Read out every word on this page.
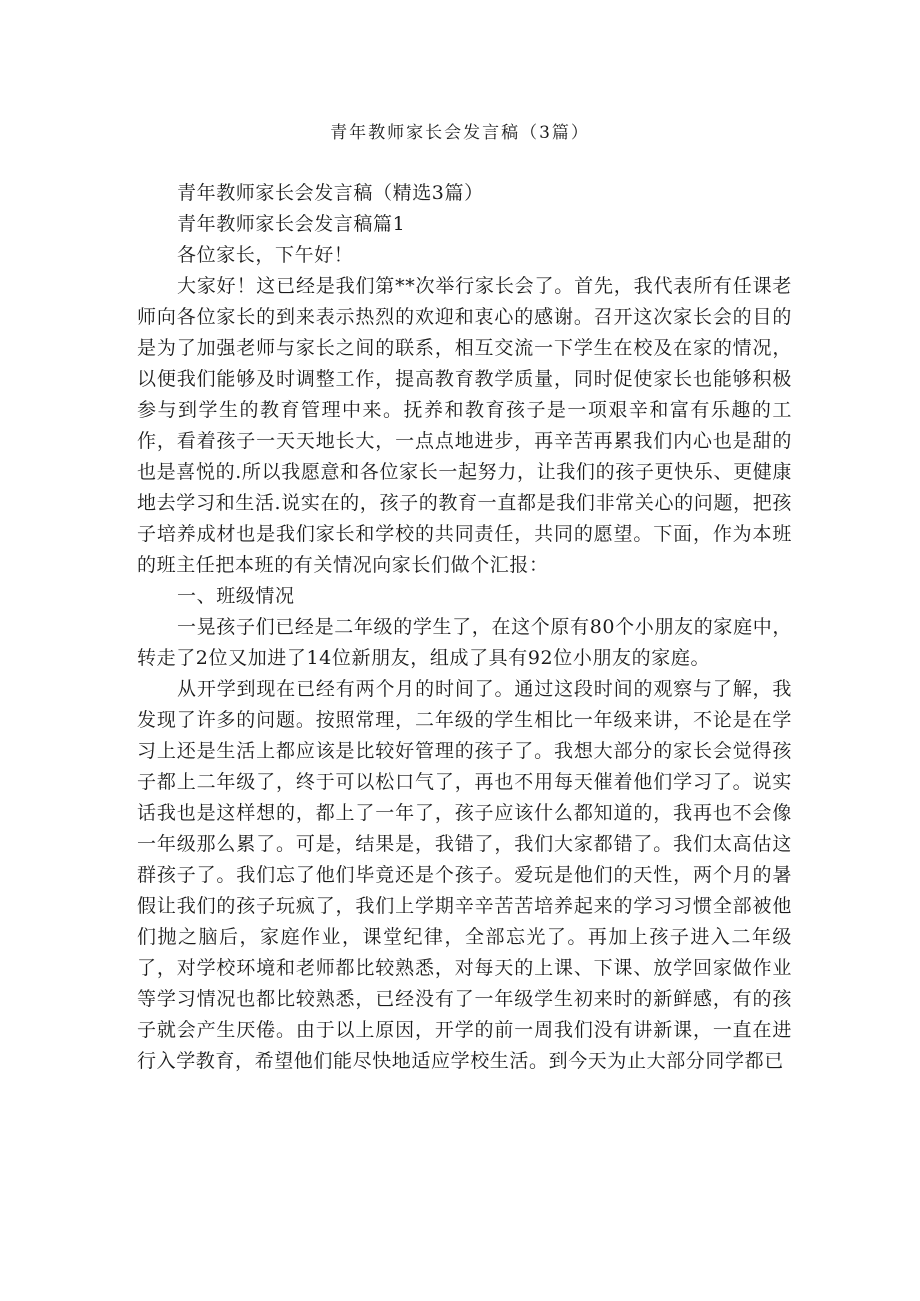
青年教师家长会发言稿（3篇）

青年教师家长会发言稿（精选3篇）

青年教师家长会发言稿篇1

各位家长，下午好！

大家好！这已经是我们第**次举行家长会了。首先，我代表所有任课老师向各位家长的到来表示热烈的欢迎和衷心的感谢。召开这次家长会的目的是为了加强老师与家长之间的联系，相互交流一下学生在校及在家的情况，以便我们能够及时调整工作，提高教育教学质量，同时促使家长也能够积极参与到学生的教育管理中来。抚养和教育孩子是一项艰辛和富有乐趣的工作，看着孩子一天天地长大，一点点地进步，再辛苦再累我们内心也是甜的也是喜悦的.所以我愿意和各位家长一起努力，让我们的孩子更快乐、更健康地去学习和生活.说实在的，孩子的教育一直都是我们非常关心的问题，把孩子培养成材也是我们家长和学校的共同责任，共同的愿望。下面，作为本班的班主任把本班的有关情况向家长们做个汇报：

一、班级情况

一晃孩子们已经是二年级的学生了，在这个原有80个小朋友的家庭中，转走了2位又加进了14位新朋友，组成了具有92位小朋友的家庭。

从开学到现在已经有两个月的时间了。通过这段时间的观察与了解，我发现了许多的问题。按照常理，二年级的学生相比一年级来讲，不论是在学习上还是生活上都应该是比较好管理的孩子了。我想大部分的家长会觉得孩子都上二年级了，终于可以松口气了，再也不用每天催着他们学习了。说实话我也是这样想的，都上了一年了，孩子应该什么都知道的，我再也不会像一年级那么累了。可是，结果是，我错了，我们大家都错了。我们太高估这群孩子了。我们忘了他们毕竟还是个孩子。爱玩是他们的天性，两个月的暑假让我们的孩子玩疯了，我们上学期辛辛苦苦培养起来的学习习惯全部被他们抛之脑后，家庭作业，课堂纪律，全部忘光了。再加上孩子进入二年级了，对学校环境和老师都比较熟悉，对每天的上课、下课、放学回家做作业等学习情况也都比较熟悉，已经没有了一年级学生初来时的新鲜感，有的孩子就会产生厌倦。由于以上原因，开学的前一周我们没有讲新课，一直在进行入学教育，希望他们能尽快地适应学校生活。到今天为止大部分同学都已
